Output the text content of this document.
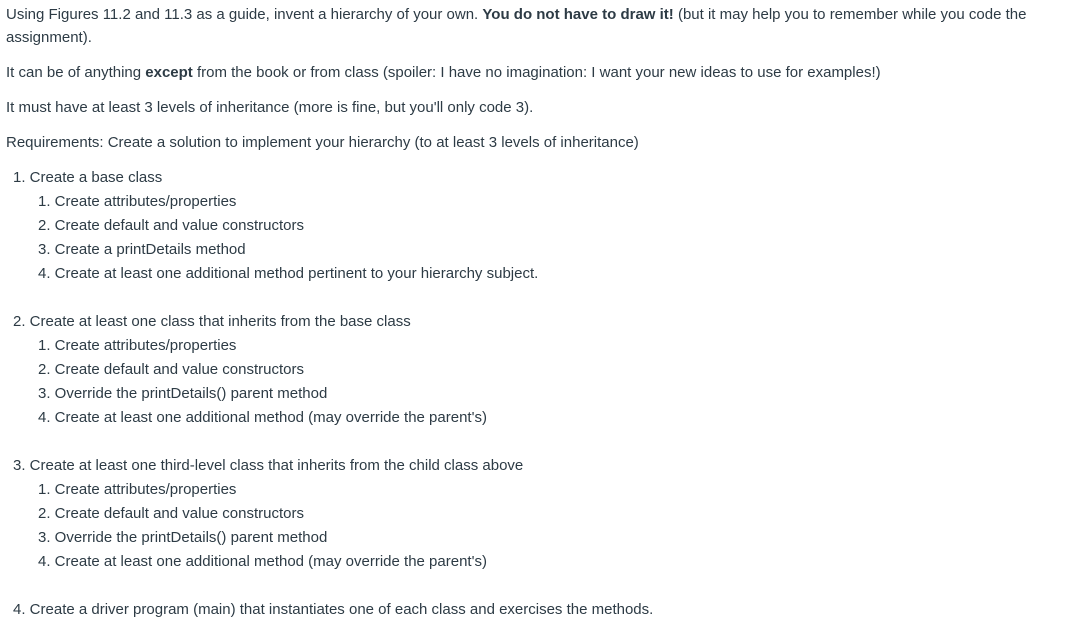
Using Figures 11.2 and 11.3 as a guide, invent a hierarchy of your own. You do not have to draw it! (but it may help you to remember while you code the assignment).

It can be of anything except from the book or from class (spoiler: I have no imagination: I want your new ideas to use for examples!)

It must have at least 3 levels of inheritance (more is fine, but you'll only code 3).

Requirements: Create a solution to implement your hierarchy (to at least 3 levels of inheritance)

1. Create a base class
1. Create attributes/properties
2. Create default and value constructors
3. Create a printDetails method
4. Create at least one additional method pertinent to your hierarchy subject.
2. Create at least one class that inherits from the base class
1. Create attributes/properties
2. Create default and value constructors
3. Override the printDetails() parent method
4. Create at least one additional method (may override the parent's)
3. Create at least one third-level class that inherits from the child class above
1. Create attributes/properties
2. Create default and value constructors
3. Override the printDetails() parent method
4. Create at least one additional method (may override the parent's)
4. Create a driver program (main) that instantiates one of each class and exercises the methods.
